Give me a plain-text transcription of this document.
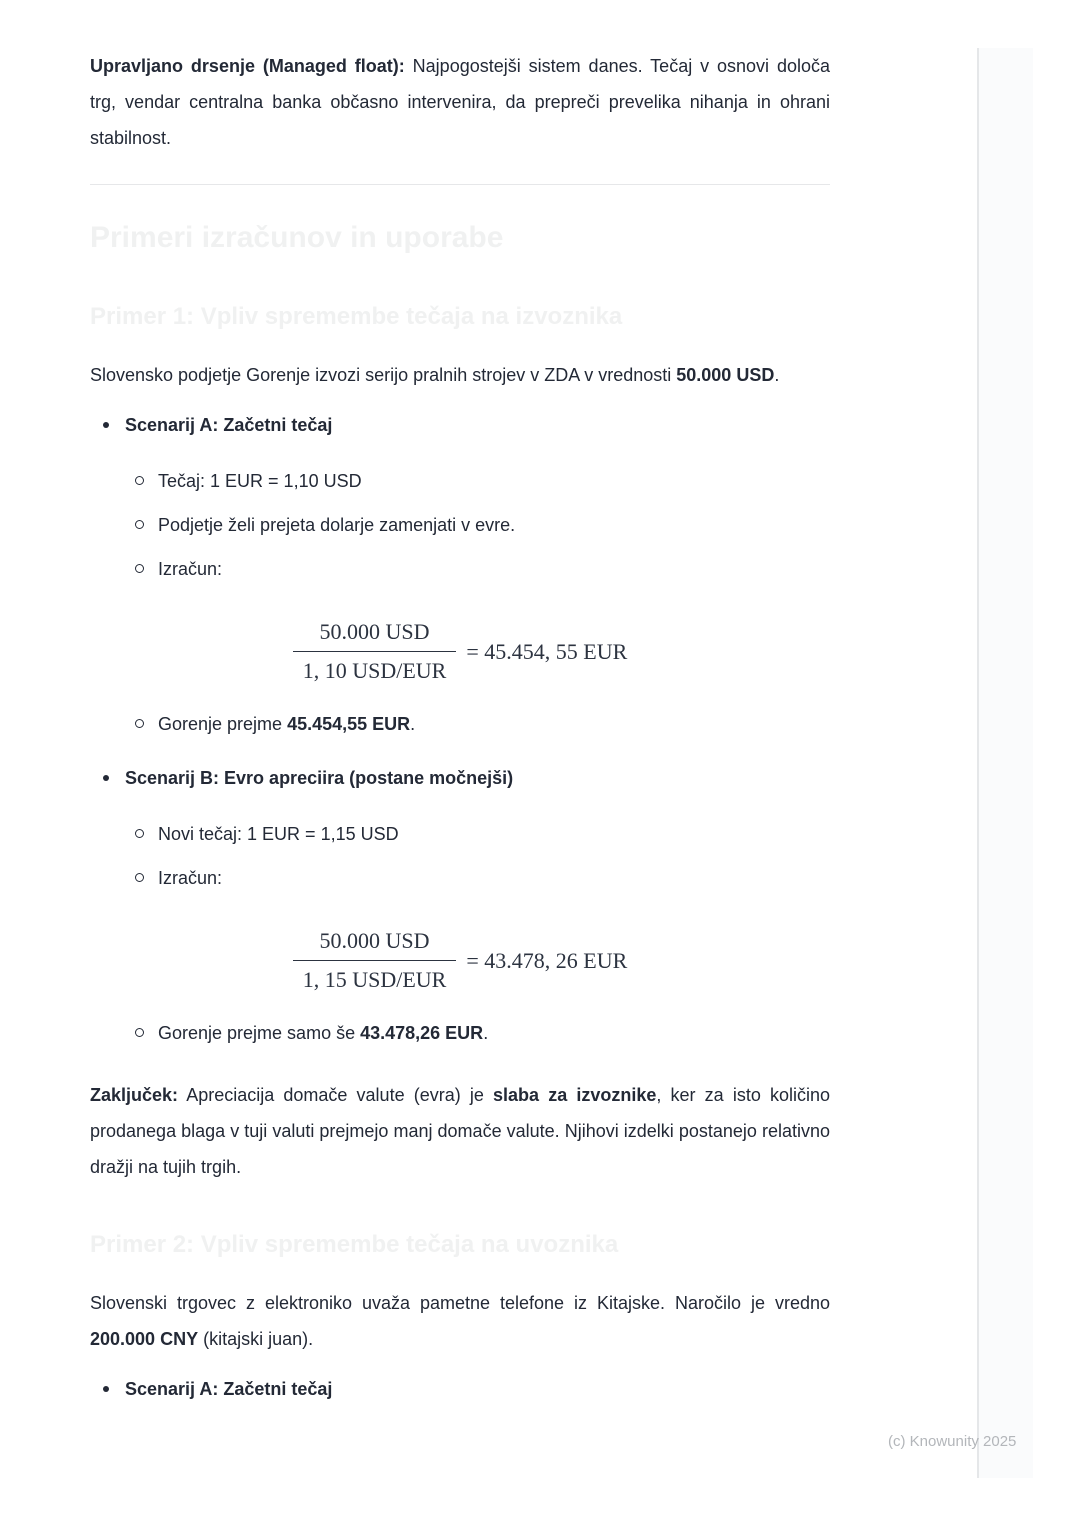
Upravljano drsenje (Managed float): Najpogostejši sistem danes. Tečaj v osnovi določa trg, vendar centralna banka občasno intervenira, da prepreči prevelika nihanja in ohrani stabilnost.

Primeri izračunov in uporabe
Primer 1: Vpliv spremembe tečaja na izvoznika

Slovensko podjetje Gorenje izvozi serijo pralnih strojev v ZDA v vrednosti 50.000 USD.

Scenarij A: Začetni tečaj
Tečaj: 1 EUR = 1,10 USD
Podjetje želi prejeta dolarje zamenjati v evre.
Izračun:
$\frac{\text{50.000 USD}}{\text{1, 10 USD/EUR}} = 45.454$, 55 EUR
Gorenje prejme 45.454,55 EUR.
Scenarij B: Evro apreciira (postane močnejši)
Novi tečaj: 1 EUR = 1,15 USD
Izračun:
$\frac{\text{50.000 USD}}{\text{1, 15 USD/EUR}} = 43.478$, 26 EUR
Gorenje prejme samo še 43.478,26 EUR.

Zaključek: Apreciacija domače valute (evra) je slaba za izvoznike, ker za isto količino prodanega blaga v tuji valuti prejmejo manj domače valute. Njihovi izdelki postanejo relativno dražji na tujih trgih.

Primer 2: Vpliv spremembe tečaja na uvoznika

Slovenski trgovec z elektroniko uvaža pametne telefone iz Kitajske. Naročilo je vredno 200.000 CNY (kitajski juan).

Scenarij A: Začetni tečaj
(c) Knowunity 2025
